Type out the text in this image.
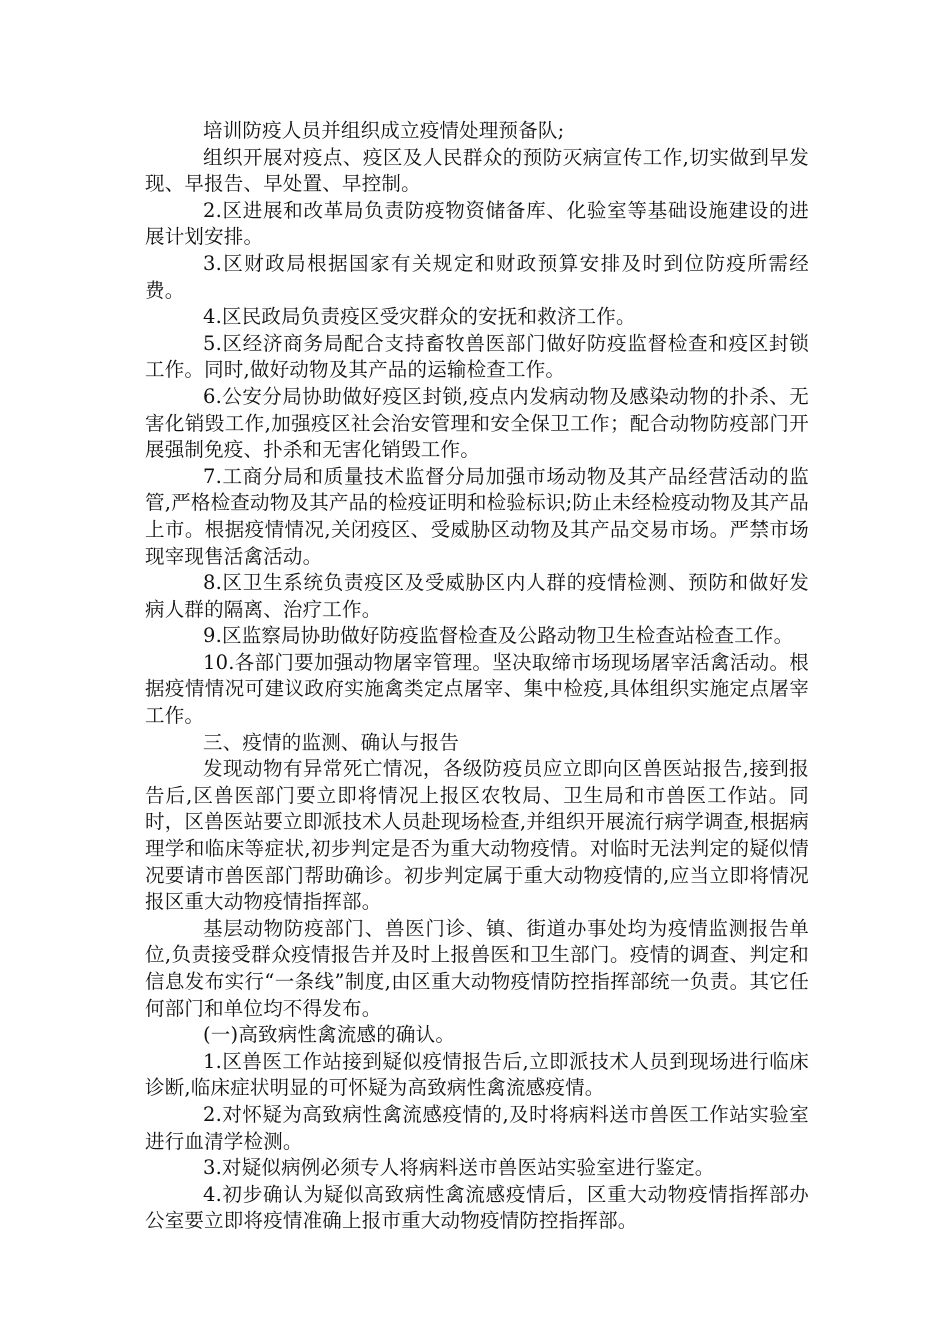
培训防疫人员并组织成立疫情处理预备队;

组织开展对疫点、疫区及人民群众的预防灭病宣传工作,切实做到早发现、早报告、早处置、早控制。

2.区进展和改革局负责防疫物资储备库、化验室等基础设施建设的进展计划安排。

3.区财政局根据国家有关规定和财政预算安排及时到位防疫所需经费。

4.区民政局负责疫区受灾群众的安抚和救济工作。

5.区经济商务局配合支持畜牧兽医部门做好防疫监督检查和疫区封锁工作。同时,做好动物及其产品的运输检查工作。

6.公安分局协助做好疫区封锁,疫点内发病动物及感染动物的扑杀、无害化销毁工作,加强疫区社会治安管理和安全保卫工作；配合动物防疫部门开展强制免疫、扑杀和无害化销毁工作。

7.工商分局和质量技术监督分局加强市场动物及其产品经营活动的监管,严格检查动物及其产品的检疫证明和检验标识;防止未经检疫动物及其产品上市。根据疫情情况,关闭疫区、受威胁区动物及其产品交易市场。严禁市场现宰现售活禽活动。

8.区卫生系统负责疫区及受威胁区内人群的疫情检测、预防和做好发病人群的隔离、治疗工作。

9.区监察局协助做好防疫监督检查及公路动物卫生检查站检查工作。

10.各部门要加强动物屠宰管理。坚决取缔市场现场屠宰活禽活动。根据疫情情况可建议政府实施禽类定点屠宰、集中检疫,具体组织实施定点屠宰工作。

三、疫情的监测、确认与报告

发现动物有异常死亡情况，各级防疫员应立即向区兽医站报告,接到报告后,区兽医部门要立即将情况上报区农牧局、卫生局和市兽医工作站。同时，区兽医站要立即派技术人员赴现场检查,并组织开展流行病学调查,根据病理学和临床等症状,初步判定是否为重大动物疫情。对临时无法判定的疑似情况要请市兽医部门帮助确诊。初步判定属于重大动物疫情的,应当立即将情况报区重大动物疫情指挥部。

基层动物防疫部门、兽医门诊、镇、街道办事处均为疫情监测报告单位,负责接受群众疫情报告并及时上报兽医和卫生部门。疫情的调查、判定和信息发布实行“一条线”制度,由区重大动物疫情防控指挥部统一负责。其它任何部门和单位均不得发布。

(一)高致病性禽流感的确认。

1.区兽医工作站接到疑似疫情报告后,立即派技术人员到现场进行临床诊断,临床症状明显的可怀疑为高致病性禽流感疫情。

2.对怀疑为高致病性禽流感疫情的,及时将病料送市兽医工作站实验室进行血清学检测。

3.对疑似病例必须专人将病料送市兽医站实验室进行鉴定。

4.初步确认为疑似高致病性禽流感疫情后，区重大动物疫情指挥部办公室要立即将疫情准确上报市重大动物疫情防控指挥部。
